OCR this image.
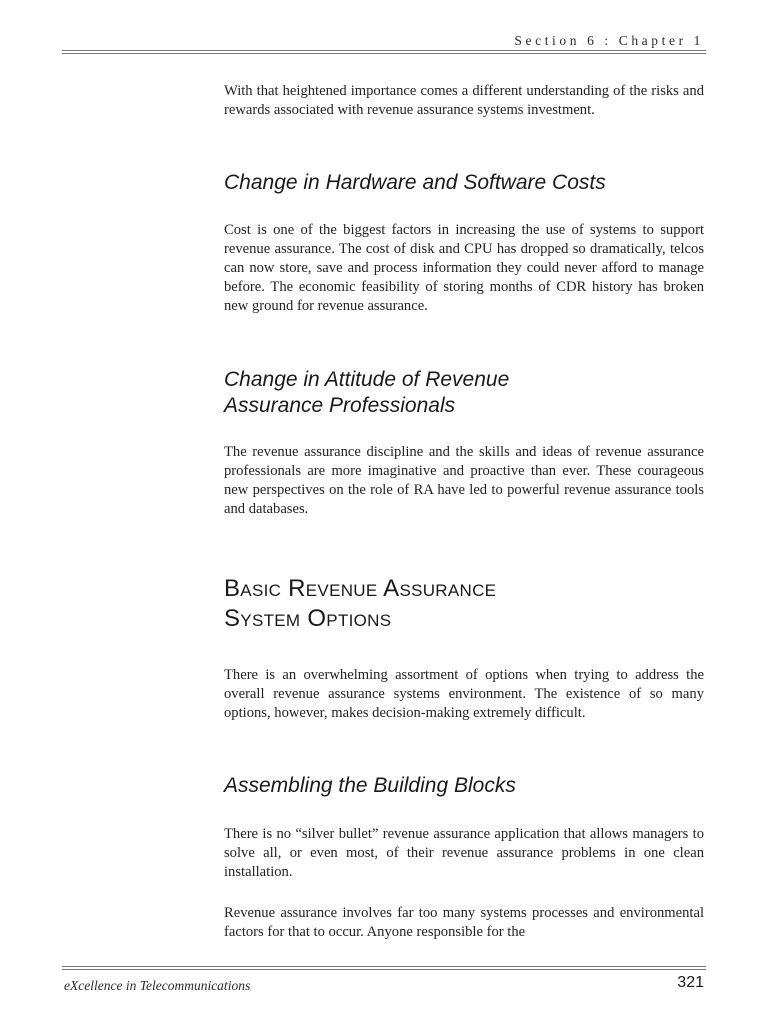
Section 6 : Chapter 1

With that heightened importance comes a different understanding of the risks and rewards associated with revenue assurance systems investment.

Change in Hardware and Software Costs

Cost is one of the biggest factors in increasing the use of systems to support revenue assurance. The cost of disk and CPU has dropped so dramatically, telcos can now store, save and process information they could never afford to manage before. The economic feasibility of storing months of CDR history has broken new ground for revenue assurance.

Change in Attitude of Revenue
Assurance Professionals

The revenue assurance discipline and the skills and ideas of revenue assurance professionals are more imaginative and proactive than ever. These courageous new perspectives on the role of RA have led to powerful revenue assurance tools and databases.

Basic Revenue Assurance
System Options

There is an overwhelming assortment of options when trying to address the overall revenue assurance systems environment. The existence of so many options, however, makes decision-making extremely difficult.

Assembling the Building Blocks

There is no “silver bullet” revenue assurance application that allows managers to solve all, or even most, of their revenue assurance problems in one clean installation.

Revenue assurance involves far too many systems processes and environmental factors for that to occur. Anyone responsible for the

eXcellence in Telecommunications	321
